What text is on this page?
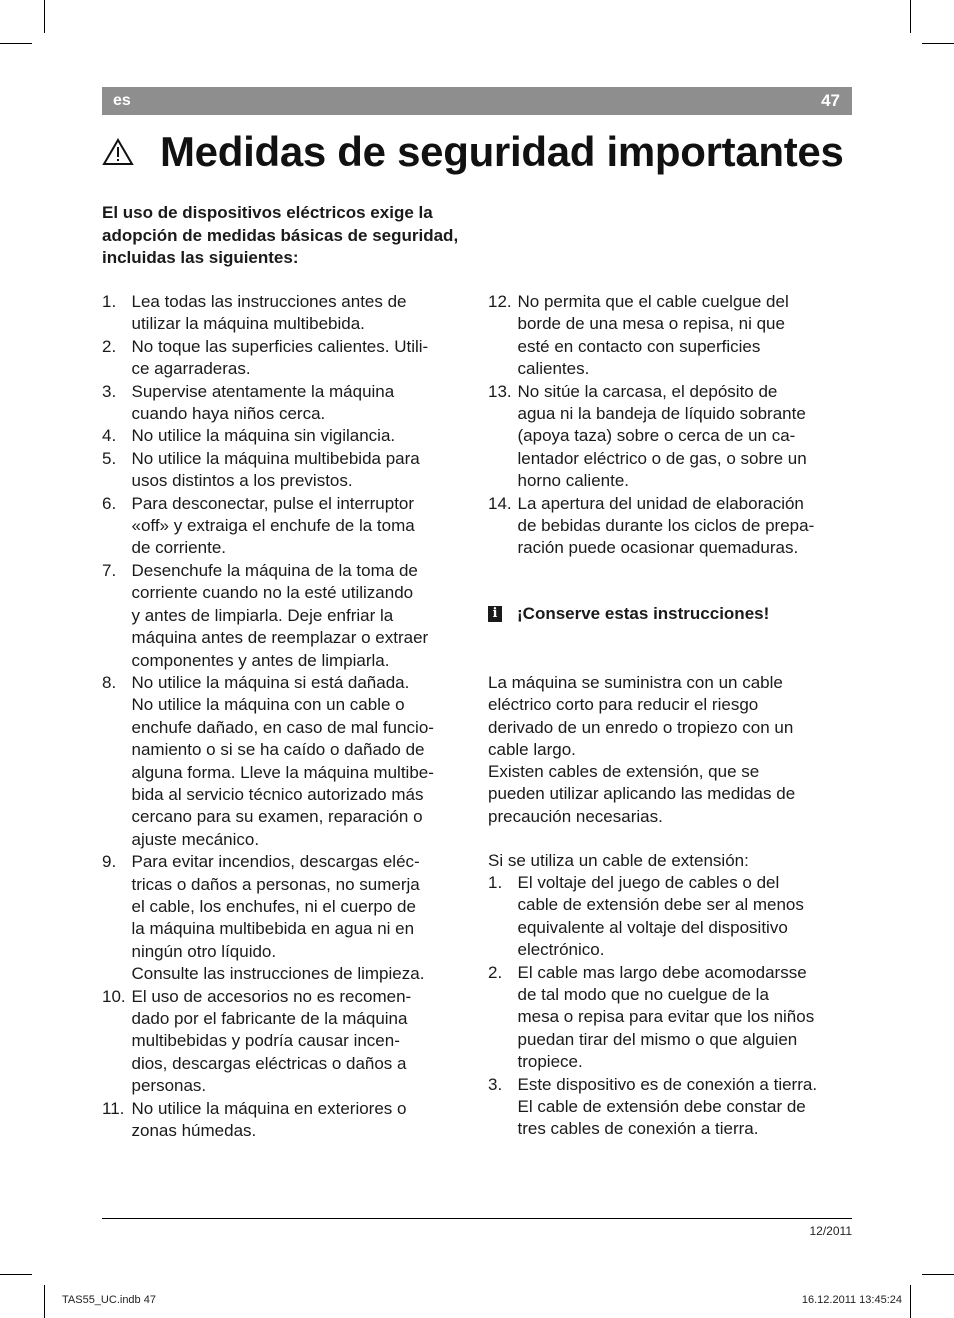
es	47
Medidas de seguridad importantes
El uso de dispositivos eléctricos exige la adopción de medidas básicas de seguridad, incluidas las siguientes:
1. Lea todas las instrucciones antes de
utilizar la máquina multibebida.
2. No toque las superficies calientes. Utili-
ce agarraderas.
3. Supervise atentamente la máquina
cuando haya niños cerca.
4. No utilice la máquina sin vigilancia.
5. No utilice la máquina multibebida para
usos distintos a los previstos.
6. Para desconectar, pulse el interruptor
«off» y extraiga el enchufe de la toma
de corriente.
7. Desenchufe la máquina de la toma de
corriente cuando no la esté utilizando
y antes de limpiarla. Deje enfriar la
máquina antes de reemplazar o extraer
componentes y antes de limpiarla.
8. No utilice la máquina si está dañada.
No utilice la máquina con un cable o
enchufe dañado, en caso de mal funcio-
namiento o si se ha caído o dañado de
alguna forma. Lleve la máquina multibe-
bida al servicio técnico autorizado más
cercano para su examen, reparación o
ajuste mecánico.
9. Para evitar incendios, descargas eléc-
tricas o daños a personas, no sumerja
el cable, los enchufes, ni el cuerpo de
la máquina multibebida en agua ni en
ningún otro líquido.
Consulte las instrucciones de limpieza.
10. El uso de accesorios no es recomen-
dado por el fabricante de la máquina
multibebidas y podría causar incen-
dios, descargas eléctricas o daños a
personas.
11. No utilice la máquina en exteriores o
zonas húmedas.
12. No permita que el cable cuelgue del
borde de una mesa o repisa, ni que
esté en contacto con superficies
calientes.
13. No sitúe la carcasa, el depósito de
agua ni la bandeja de líquido sobrante
(apoya taza) sobre o cerca de un ca-
lentador eléctrico o de gas, o sobre un
horno caliente.
14. La apertura del unidad de elaboración
de bebidas durante los ciclos de prepa-
ración puede ocasionar quemaduras.
i ¡Conserve estas instrucciones!

La máquina se suministra con un cable

eléctrico corto para reducir el riesgo

derivado de un enredo o tropiezo con un

cable largo.

Existen cables de extensión, que se

pueden utilizar aplicando las medidas de

precaución necesarias.

Si se utiliza un cable de extensión:
1. El voltaje del juego de cables o del
cable de extensión debe ser al menos
equivalente al voltaje del dispositivo
electrónico.
2. El cable mas largo debe acomodarsse
de tal modo que no cuelgue de la
mesa o repisa para evitar que los niños
puedan tirar del mismo o que alguien
tropiece.
3. Este dispositivo es de conexión a tierra.
El cable de extensión debe constar de
tres cables de conexión a tierra.
12/2011
TAS55_UC.indb 47	16.12.2011 13:45:24
